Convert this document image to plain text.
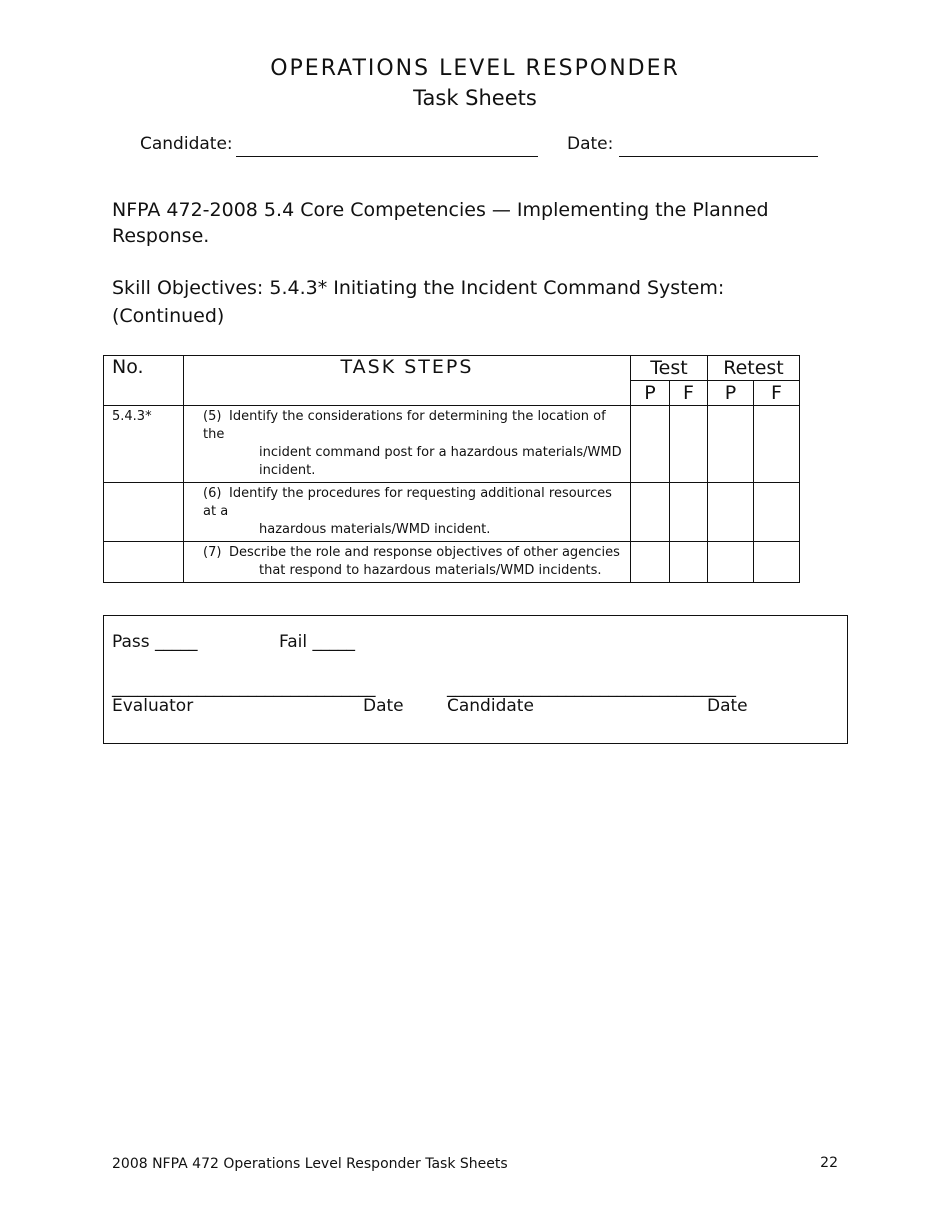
OPERATIONS LEVEL RESPONDER
Task Sheets
Candidate:	Date:
NFPA 472-2008 5.4 Core Competencies — Implementing the Planned Response.
Skill Objectives: 5.4.3* Initiating the Incident Command System: (Continued)
No.	TASK STEPS	Test		Retest	
		P	F	P	F
5.4.3*	(5) Identify the considerations for determining the location of the
incident command post for a hazardous materials/WMD
incident.				

	(6) Identify the procedures for requesting additional resources at a
hazardous materials/WMD incident.				

	(7) Describe the role and response objectives of other agencies
that respond to hazardous materials/WMD incidents.				

Pass _____	Fail _____
_______________________________	__________________________________
Evaluator	Date	Candidate	Date
2008 NFPA 472 Operations Level Responder Task Sheets	22
